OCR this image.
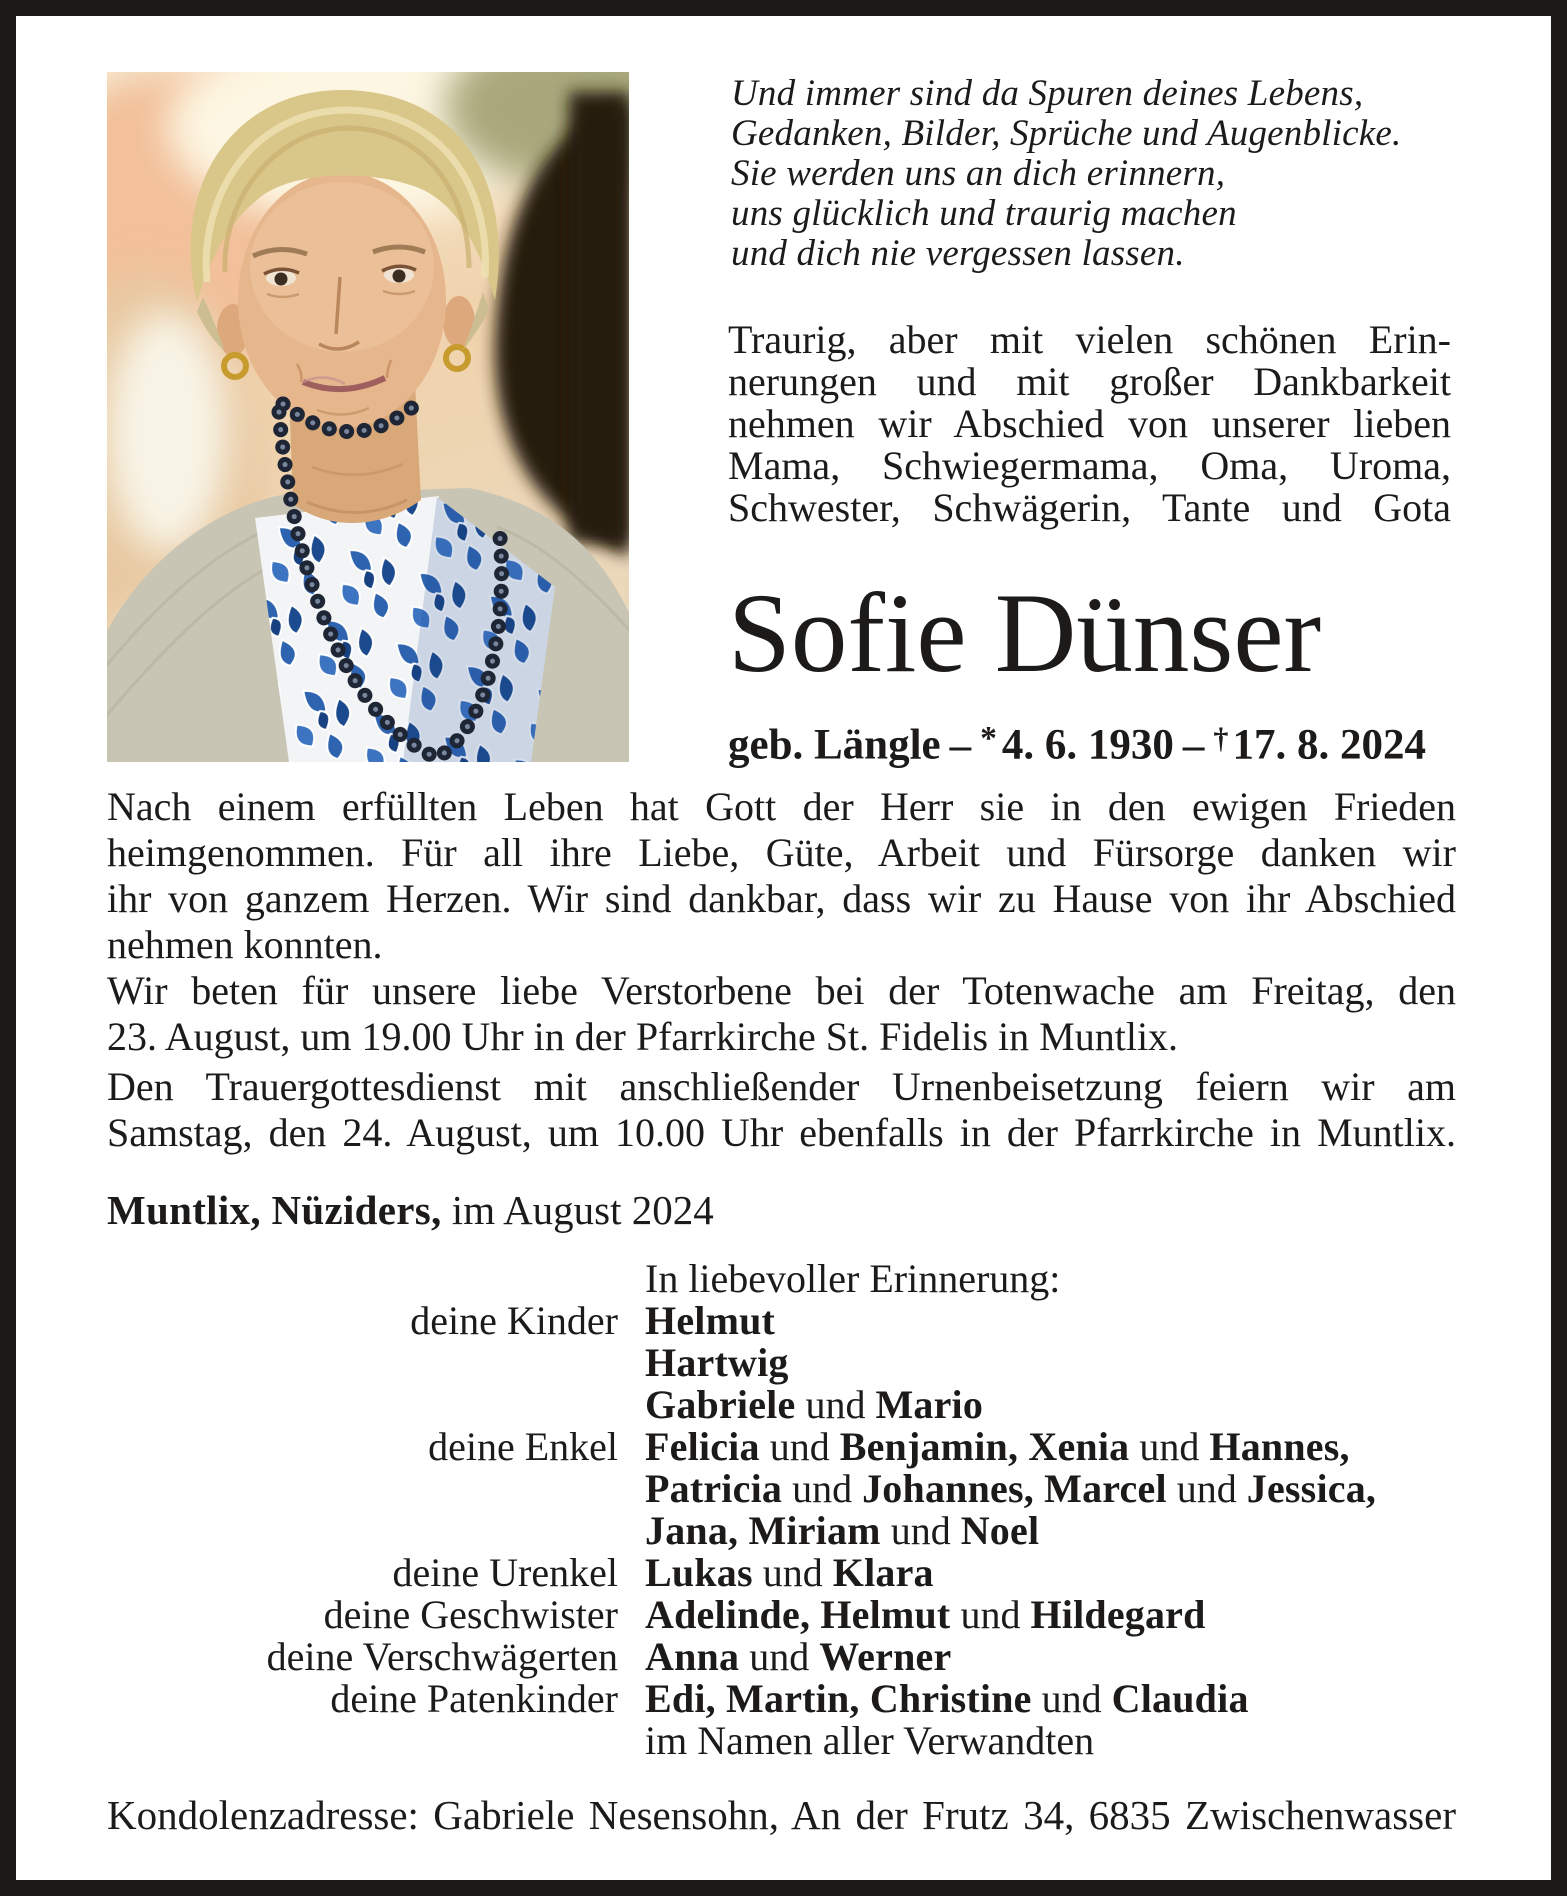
Und immer sind da Spuren deines Lebens,
Gedanken, Bilder, Sprüche und Augenblicke.
Sie werden uns an dich erinnern,
uns glücklich und traurig machen
und dich nie vergessen lassen.
Traurig, aber mit vielen schönen Erin-
nerungen und mit großer Dankbarkeit
nehmen wir Abschied von unserer lieben
Mama, Schwiegermama, Oma, Uroma,
Schwester, Schwägerin, Tante und Gota
Sofie Dünser
geb. Längle – * 4. 6. 1930 – †17. 8. 2024
Nach einem erfüllten Leben hat Gott der Herr sie in den ewigen Frieden
heimgenommen. Für all ihre Liebe, Güte, Arbeit und Fürsorge danken wir
ihr von ganzem Herzen. Wir sind dankbar, dass wir zu Hause von ihr Abschied
nehmen konnten.
Wir beten für unsere liebe Verstorbene bei der Totenwache am Freitag, den
23. August, um 19.00 Uhr in der Pfarrkirche St. Fidelis in Muntlix.
Den Trauergottesdienst mit anschließender Urnenbeisetzung feiern wir am
Samstag, den 24. August, um 10.00 Uhr ebenfalls in der Pfarrkirche in Muntlix.
Muntlix, Nüziders, im August 2024
In liebevoller Erinnerung:
deine Kinder Helmut
Hartwig
Gabriele und Mario
deine Enkel Felicia und Benjamin, Xenia und Hannes,
Patricia und Johannes, Marcel und Jessica,
Jana, Miriam und Noel
deine Urenkel Lukas und Klara
deine Geschwister Adelinde, Helmut und Hildegard
deine Verschwägerten Anna und Werner
deine Patenkinder Edi, Martin, Christine und Claudia
im Namen aller Verwandten
Kondolenzadresse: Gabriele Nesensohn, An der Frutz 34, 6835 Zwischenwasser
